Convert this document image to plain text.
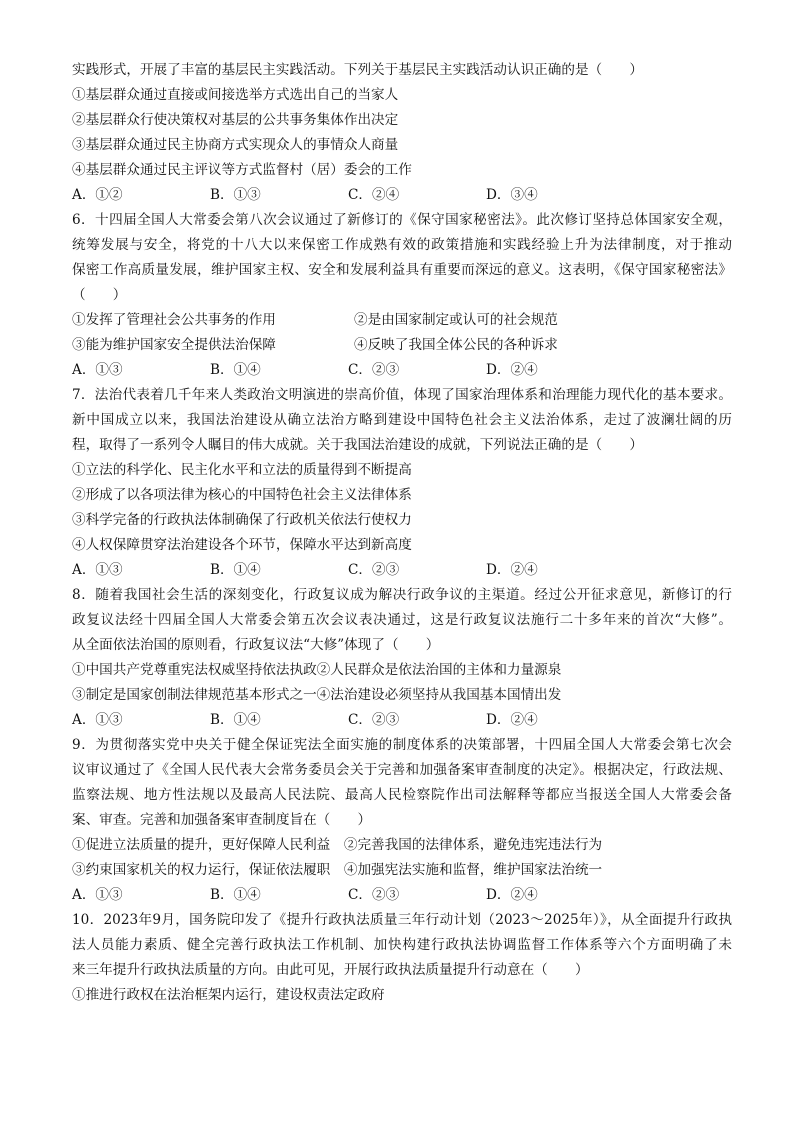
实践形式，开展了丰富的基层民主实践活动。下列关于基层民主实践活动认识正确的是（　　）
①基层群众通过直接或间接选举方式选出自己的当家人
②基层群众行使决策权对基层的公共事务集体作出决定
③基层群众通过民主协商方式实现众人的事情众人商量
④基层群众通过民主评议等方式监督村（居）委会的工作
A．①②	B．①③	C．②④	D．③④
6．十四届全国人大常委会第八次会议通过了新修订的《保守国家秘密法》。此次修订坚持总体国家安全观，
统筹发展与安全，将党的十八大以来保密工作成熟有效的政策措施和实践经验上升为法律制度，对于推动
保密工作高质量发展，维护国家主权、安全和发展利益具有重要而深远的意义。这表明，《保守国家秘密法》
（　　）
①发挥了管理社会公共事务的作用	②是由国家制定或认可的社会规范
③能为维护国家安全提供法治保障	④反映了我国全体公民的各种诉求
A．①③	B．①④	C．②③	D．②④
7．法治代表着几千年来人类政治文明演进的崇高价值，体现了国家治理体系和治理能力现代化的基本要求。
新中国成立以来，我国法治建设从确立法治方略到建设中国特色社会主义法治体系，走过了波澜壮阔的历
程，取得了一系列令人瞩目的伟大成就。关于我国法治建设的成就，下列说法正确的是（　　）
①立法的科学化、民主化水平和立法的质量得到不断提高
②形成了以各项法律为核心的中国特色社会主义法律体系
③科学完备的行政执法体制确保了行政机关依法行使权力
④人权保障贯穿法治建设各个环节，保障水平达到新高度
A．①③	B．①④	C．②③	D．②④
8．随着我国社会生活的深刻变化，行政复议成为解决行政争议的主渠道。经过公开征求意见，新修订的行
政复议法经十四届全国人大常委会第五次会议表决通过，这是行政复议法施行二十多年来的首次“大修”。
从全面依法治国的原则看，行政复议法“大修”体现了（　　）
①中国共产党尊重宪法权威坚持依法执政②人民群众是依法治国的主体和力量源泉
③制定是国家创制法律规范基本形式之一④法治建设必须坚持从我国基本国情出发
A．①③	B．①④	C．②③	D．②④
9．为贯彻落实党中央关于健全保证宪法全面实施的制度体系的决策部署，十四届全国人大常委会第七次会
议审议通过了《全国人民代表大会常务委员会关于完善和加强备案审查制度的决定》。根据决定，行政法规、
监察法规、地方性法规以及最高人民法院、最高人民检察院作出司法解释等都应当报送全国人大常委会备
案、审查。完善和加强备案审查制度旨在（　　）
①促进立法质量的提升，更好保障人民利益　②完善我国的法律体系，避免违宪违法行为
③约束国家机关的权力运行，保证依法履职　④加强宪法实施和监督，维护国家法治统一
A．①③	B．①④	C．②③	D．②④
10．2023年9月，国务院印发了《提升行政执法质量三年行动计划（2023～2025年）》，从全面提升行政执
法人员能力素质、健全完善行政执法工作机制、加快构建行政执法协调监督工作体系等六个方面明确了未
来三年提升行政执法质量的方向。由此可见，开展行政执法质量提升行动意在（　　）
①推进行政权在法治框架内运行，建设权责法定政府
